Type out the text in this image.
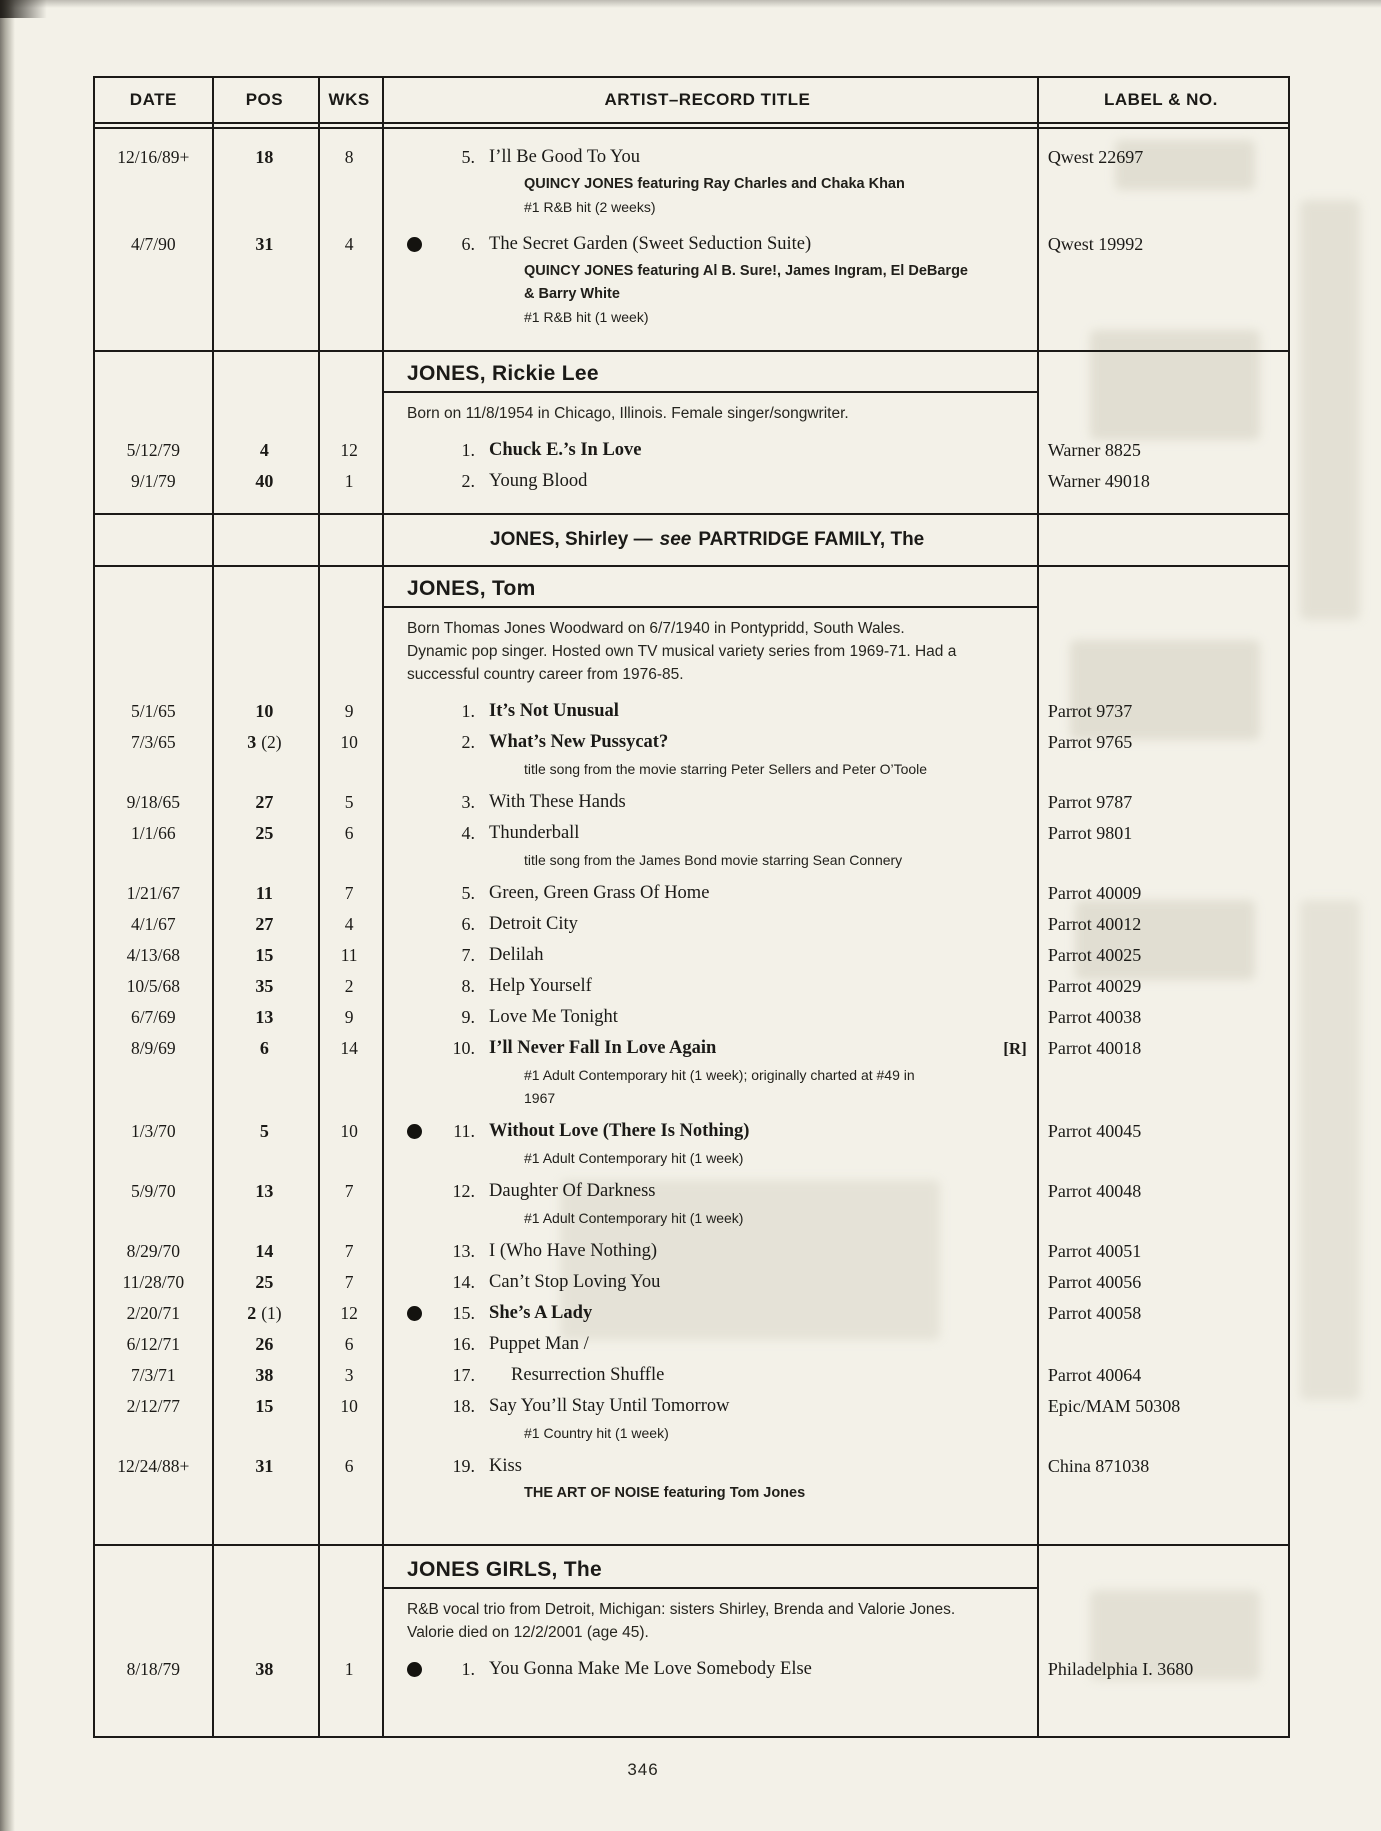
DATE	POS	WKS	ARTIST–RECORD TITLE	LABEL & NO.
12/16/89+	18	8	5. I’ll Be Good To You	Qwest 22697
QUINCY JONES featuring Ray Charles and Chaka Khan
#1 R&B hit (2 weeks)
4/7/90	31	4	6. The Secret Garden (Sweet Seduction Suite)	Qwest 19992
QUINCY JONES featuring Al B. Sure!, James Ingram, El DeBarge
& Barry White
#1 R&B hit (1 week)
JONES, Rickie Lee
Born on 11/8/1954 in Chicago, Illinois. Female singer/songwriter.
5/12/79	4	12	1. Chuck E.’s In Love	Warner 8825
9/1/79	40	1	2. Young Blood	Warner 49018
JONES, Shirley — see PARTRIDGE FAMILY, The
JONES, Tom
Born Thomas Jones Woodward on 6/7/1940 in Pontypridd, South Wales.
Dynamic pop singer. Hosted own TV musical variety series from 1969-71. Had a
successful country career from 1976-85.
5/1/65	10	9	1. It’s Not Unusual	Parrot 9737
7/3/65	3 (2)	10	2. What’s New Pussycat?	Parrot 9765
title song from the movie starring Peter Sellers and Peter O’Toole
9/18/65	27	5	3. With These Hands	Parrot 9787
1/1/66	25	6	4. Thunderball	Parrot 9801
title song from the James Bond movie starring Sean Connery
1/21/67	11	7	5. Green, Green Grass Of Home	Parrot 40009
4/1/67	27	4	6. Detroit City	Parrot 40012
4/13/68	15	11	7. Delilah	Parrot 40025
10/5/68	35	2	8. Help Yourself	Parrot 40029
6/7/69	13	9	9. Love Me Tonight	Parrot 40038
8/9/69	6	14	10. I’ll Never Fall In Love Again	[R]	Parrot 40018
#1 Adult Contemporary hit (1 week); originally charted at #49 in
1967
1/3/70	5	10	11. Without Love (There Is Nothing)	Parrot 40045
#1 Adult Contemporary hit (1 week)
5/9/70	13	7	12. Daughter Of Darkness	Parrot 40048
#1 Adult Contemporary hit (1 week)
8/29/70	14	7	13. I (Who Have Nothing)	Parrot 40051
11/28/70	25	7	14. Can’t Stop Loving You	Parrot 40056
2/20/71	2 (1)	12	15. She’s A Lady	Parrot 40058
6/12/71	26	6	16. Puppet Man /
7/3/71	38	3	17. Resurrection Shuffle	Parrot 40064
2/12/77	15	10	18. Say You’ll Stay Until Tomorrow	Epic/MAM 50308
#1 Country hit (1 week)
12/24/88+	31	6	19. Kiss	China 871038
THE ART OF NOISE featuring Tom Jones
JONES GIRLS, The
R&B vocal trio from Detroit, Michigan: sisters Shirley, Brenda and Valorie Jones.
Valorie died on 12/2/2001 (age 45).
8/18/79	38	1	1. You Gonna Make Me Love Somebody Else	Philadelphia I. 3680
346
